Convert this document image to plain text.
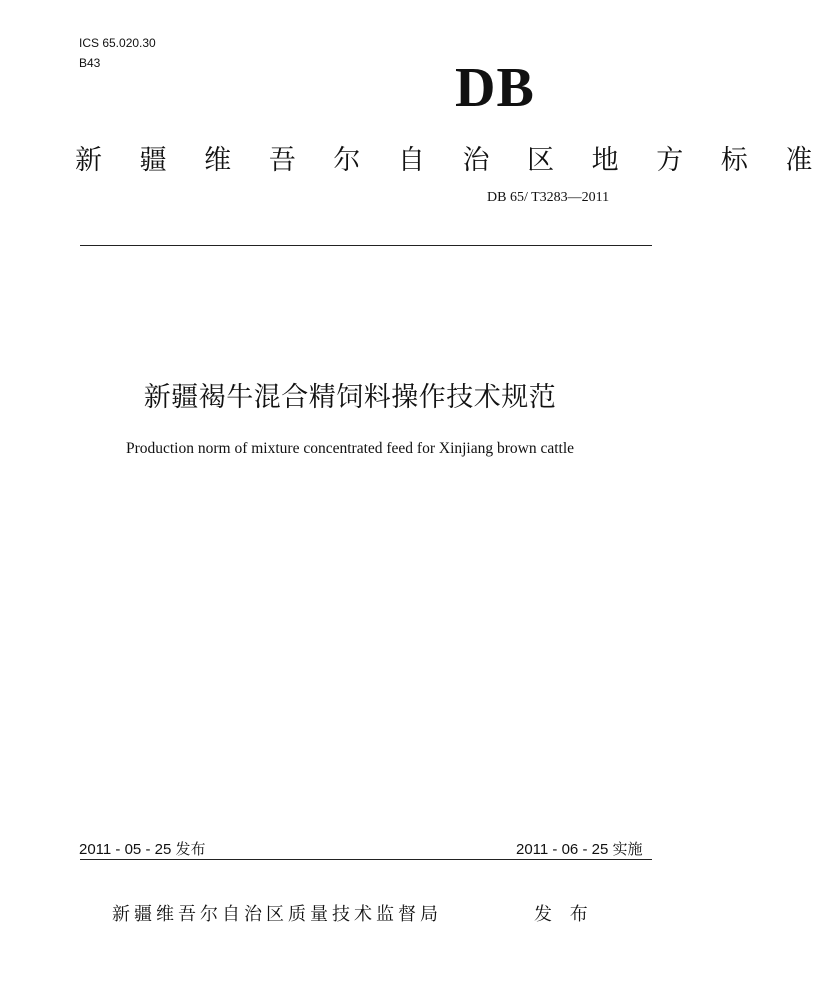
ICS 65.020.30
B43	DB
新 疆 维 吾 尔 自 治 区 地 方 标 准
DB 65/ T3283—2011
新疆褐牛混合精饲料操作技术规范
Production norm of mixture concentrated feed for Xinjiang brown cattle
2011 - 05 - 25 发布	2011 - 06 - 25 实施
新疆维吾尔自治区质量技术监督局	发 布
